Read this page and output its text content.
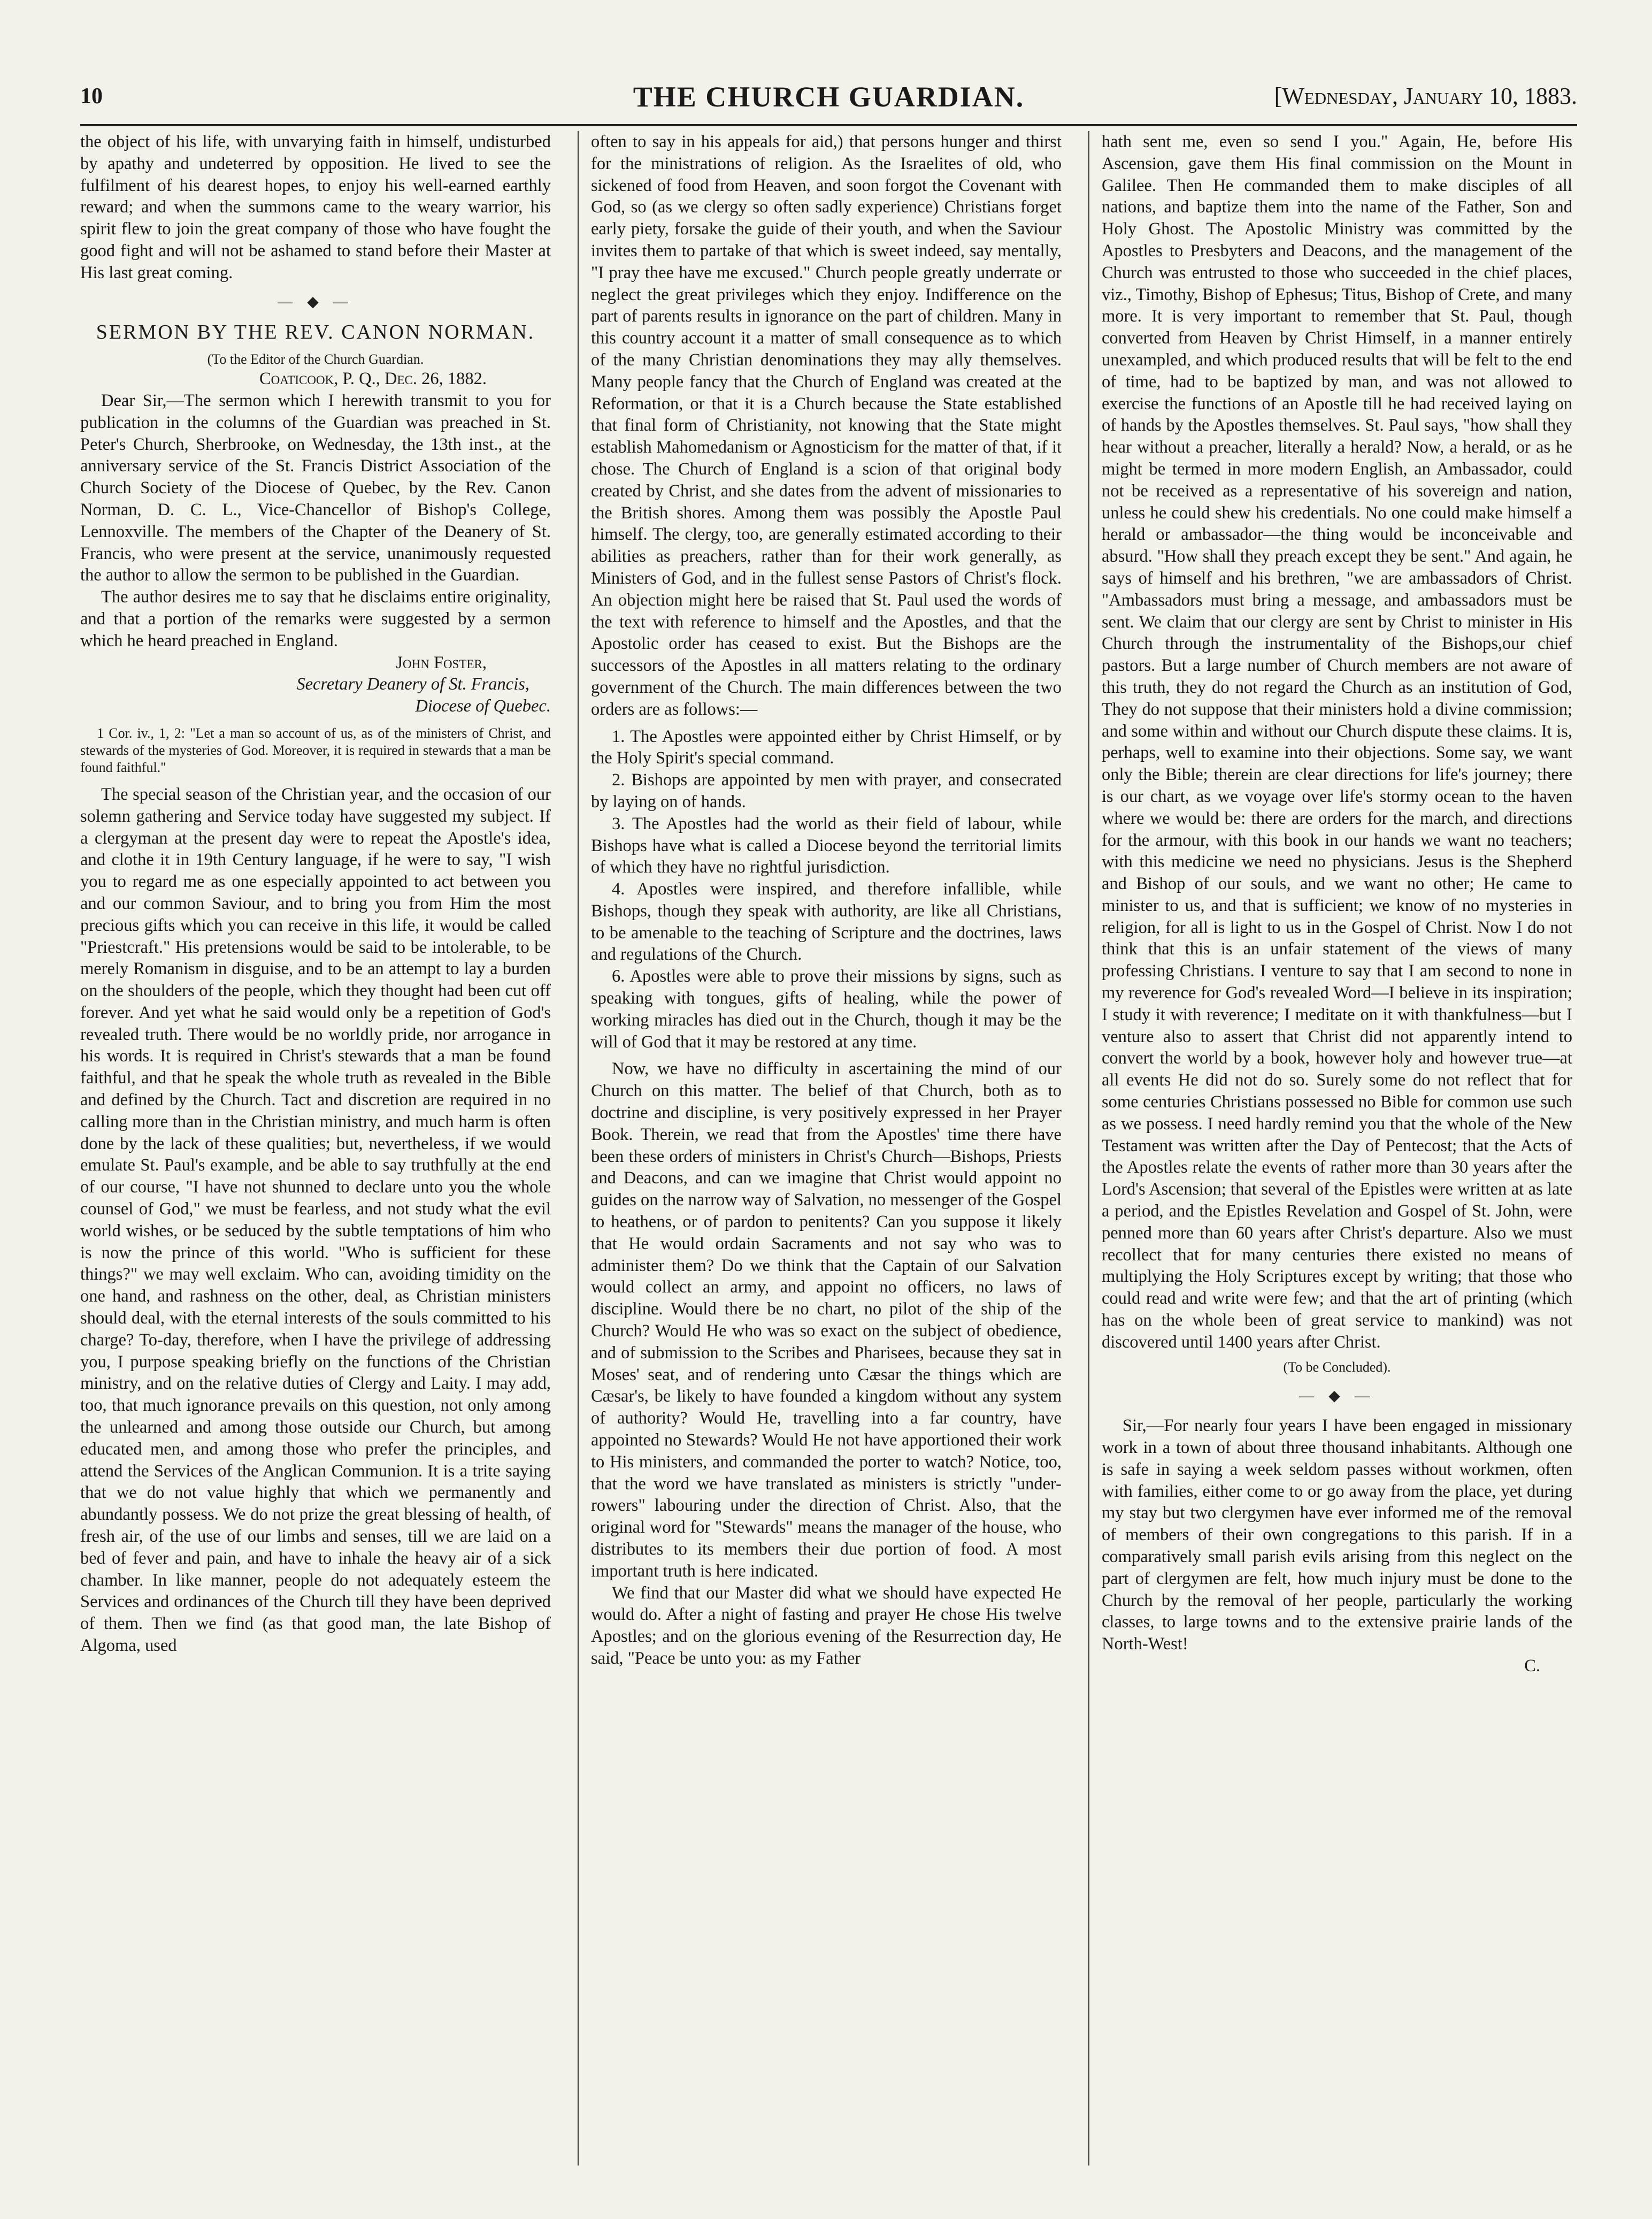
10	THE CHURCH GUARDIAN.	[Wednesday, January 10, 1883.

the object of his life, with unvarying faith in himself, undisturbed by apathy and undeterred by opposition. He lived to see the fulfilment of his dearest hopes, to enjoy his well-earned earthly reward; and when the summons came to the weary warrior, his spirit flew to join the great company of those who have fought the good fight and will not be ashamed to stand before their Master at His last great coming.

— ◆ —
SERMON BY THE REV. CANON NORMAN.

(To the Editor of the Church Guardian.

Coaticook, P. Q., Dec. 26, 1882.

Dear Sir,—The sermon which I herewith transmit to you for publication in the columns of the Guardian was preached in St. Peter's Church, Sherbrooke, on Wednesday, the 13th inst., at the anniversary service of the St. Francis District Association of the Church Society of the Diocese of Quebec, by the Rev. Canon Norman, D. C. L., Vice-Chancellor of Bishop's College, Lennoxville. The members of the Chapter of the Deanery of St. Francis, who were present at the service, unanimously requested the author to allow the sermon to be published in the Guardian.

The author desires me to say that he disclaims entire originality, and that a portion of the remarks were suggested by a sermon which he heard preached in England.

John Foster,

Secretary Deanery of St. Francis,

Diocese of Quebec.

1 Cor. iv., 1, 2: "Let a man so account of us, as of the ministers of Christ, and stewards of the mysteries of God. Moreover, it is required in stewards that a man be found faithful."

The special season of the Christian year, and the occasion of our solemn gathering and Service today have suggested my subject. If a clergyman at the present day were to repeat the Apostle's idea, and clothe it in 19th Century language, if he were to say, "I wish you to regard me as one especially appointed to act between you and our common Saviour, and to bring you from Him the most precious gifts which you can receive in this life, it would be called "Priestcraft." His pretensions would be said to be intolerable, to be merely Romanism in disguise, and to be an attempt to lay a burden on the shoulders of the people, which they thought had been cut off forever. And yet what he said would only be a repetition of God's revealed truth. There would be no worldly pride, nor arrogance in his words. It is required in Christ's stewards that a man be found faithful, and that he speak the whole truth as revealed in the Bible and defined by the Church. Tact and discretion are required in no calling more than in the Christian ministry, and much harm is often done by the lack of these qualities; but, nevertheless, if we would emulate St. Paul's example, and be able to say truthfully at the end of our course, "I have not shunned to declare unto you the whole counsel of God," we must be fearless, and not study what the evil world wishes, or be seduced by the subtle temptations of him who is now the prince of this world. "Who is sufficient for these things?" we may well exclaim. Who can, avoiding timidity on the one hand, and rashness on the other, deal, as Christian ministers should deal, with the eternal interests of the souls committed to his charge? To-day, therefore, when I have the privilege of addressing you, I purpose speaking briefly on the functions of the Christian ministry, and on the relative duties of Clergy and Laity. I may add, too, that much ignorance prevails on this question, not only among the unlearned and among those outside our Church, but among educated men, and among those who prefer the principles, and attend the Services of the Anglican Communion. It is a trite saying that we do not value highly that which we permanently and abundantly possess. We do not prize the great blessing of health, of fresh air, of the use of our limbs and senses, till we are laid on a bed of fever and pain, and have to inhale the heavy air of a sick chamber. In like manner, people do not adequately esteem the Services and ordinances of the Church till they have been deprived of them. Then we find (as that good man, the late Bishop of Algoma, used

often to say in his appeals for aid,) that persons hunger and thirst for the ministrations of religion. As the Israelites of old, who sickened of food from Heaven, and soon forgot the Covenant with God, so (as we clergy so often sadly experience) Christians forget early piety, forsake the guide of their youth, and when the Saviour invites them to partake of that which is sweet indeed, say mentally, "I pray thee have me excused." Church people greatly underrate or neglect the great privileges which they enjoy. Indifference on the part of parents results in ignorance on the part of children. Many in this country account it a matter of small consequence as to which of the many Christian denominations they may ally themselves. Many people fancy that the Church of England was created at the Reformation, or that it is a Church because the State established that final form of Christianity, not knowing that the State might establish Mahomedanism or Agnosticism for the matter of that, if it chose. The Church of England is a scion of that original body created by Christ, and she dates from the advent of missionaries to the British shores. Among them was possibly the Apostle Paul himself. The clergy, too, are generally estimated according to their abilities as preachers, rather than for their work generally, as Ministers of God, and in the fullest sense Pastors of Christ's flock. An objection might here be raised that St. Paul used the words of the text with reference to himself and the Apostles, and that the Apostolic order has ceased to exist. But the Bishops are the successors of the Apostles in all matters relating to the ordinary government of the Church. The main differences between the two orders are as follows:—

1. The Apostles were appointed either by Christ Himself, or by the Holy Spirit's special command.
2. Bishops are appointed by men with prayer, and consecrated by laying on of hands.
3. The Apostles had the world as their field of labour, while Bishops have what is called a Diocese beyond the territorial limits of which they have no rightful jurisdiction.
4. Apostles were inspired, and therefore infallible, while Bishops, though they speak with authority, are like all Christians, to be amenable to the teaching of Scripture and the doctrines, laws and regulations of the Church.
6. Apostles were able to prove their missions by signs, such as speaking with tongues, gifts of healing, while the power of working miracles has died out in the Church, though it may be the will of God that it may be restored at any time.

Now, we have no difficulty in ascertaining the mind of our Church on this matter. The belief of that Church, both as to doctrine and discipline, is very positively expressed in her Prayer Book. Therein, we read that from the Apostles' time there have been these orders of ministers in Christ's Church—Bishops, Priests and Deacons, and can we imagine that Christ would appoint no guides on the narrow way of Salvation, no messenger of the Gospel to heathens, or of pardon to penitents? Can you suppose it likely that He would ordain Sacraments and not say who was to administer them? Do we think that the Captain of our Salvation would collect an army, and appoint no officers, no laws of discipline. Would there be no chart, no pilot of the ship of the Church? Would He who was so exact on the subject of obedience, and of submission to the Scribes and Pharisees, because they sat in Moses' seat, and of rendering unto Cæsar the things which are Cæsar's, be likely to have founded a kingdom without any system of authority? Would He, travelling into a far country, have appointed no Stewards? Would He not have apportioned their work to His ministers, and commanded the porter to watch? Notice, too, that the word we have translated as ministers is strictly "under-rowers" labouring under the direction of Christ. Also, that the original word for "Stewards" means the manager of the house, who distributes to its members their due portion of food. A most important truth is here indicated.

We find that our Master did what we should have expected He would do. After a night of fasting and prayer He chose His twelve Apostles; and on the glorious evening of the Resurrection day, He said, "Peace be unto you: as my Father

hath sent me, even so send I you." Again, He, before His Ascension, gave them His final commission on the Mount in Galilee. Then He commanded them to make disciples of all nations, and baptize them into the name of the Father, Son and Holy Ghost. The Apostolic Ministry was committed by the Apostles to Presbyters and Deacons, and the management of the Church was entrusted to those who succeeded in the chief places, viz., Timothy, Bishop of Ephesus; Titus, Bishop of Crete, and many more. It is very important to remember that St. Paul, though converted from Heaven by Christ Himself, in a manner entirely unexampled, and which produced results that will be felt to the end of time, had to be baptized by man, and was not allowed to exercise the functions of an Apostle till he had received laying on of hands by the Apostles themselves. St. Paul says, "how shall they hear without a preacher, literally a herald? Now, a herald, or as he might be termed in more modern English, an Ambassador, could not be received as a representative of his sovereign and nation, unless he could shew his credentials. No one could make himself a herald or ambassador—the thing would be inconceivable and absurd. "How shall they preach except they be sent." And again, he says of himself and his brethren, "we are ambassadors of Christ. "Ambassadors must bring a message, and ambassadors must be sent. We claim that our clergy are sent by Christ to minister in His Church through the instrumentality of the Bishops,our chief pastors. But a large number of Church members are not aware of this truth, they do not regard the Church as an institution of God, They do not suppose that their ministers hold a divine commission; and some within and without our Church dispute these claims. It is, perhaps, well to examine into their objections. Some say, we want only the Bible; therein are clear directions for life's journey; there is our chart, as we voyage over life's stormy ocean to the haven where we would be: there are orders for the march, and directions for the armour, with this book in our hands we want no teachers; with this medicine we need no physicians. Jesus is the Shepherd and Bishop of our souls, and we want no other; He came to minister to us, and that is sufficient; we know of no mysteries in religion, for all is light to us in the Gospel of Christ. Now I do not think that this is an unfair statement of the views of many professing Christians. I venture to say that I am second to none in my reverence for God's revealed Word—I believe in its inspiration; I study it with reverence; I meditate on it with thankfulness—but I venture also to assert that Christ did not apparently intend to convert the world by a book, however holy and however true—at all events He did not do so. Surely some do not reflect that for some centuries Christians possessed no Bible for common use such as we possess. I need hardly remind you that the whole of the New Testament was written after the Day of Pentecost; that the Acts of the Apostles relate the events of rather more than 30 years after the Lord's Ascension; that several of the Epistles were written at as late a period, and the Epistles Revelation and Gospel of St. John, were penned more than 60 years after Christ's departure. Also we must recollect that for many centuries there existed no means of multiplying the Holy Scriptures except by writing; that those who could read and write were few; and that the art of printing (which has on the whole been of great service to mankind) was not discovered until 1400 years after Christ.

(To be Concluded).

— ◆ —

Sir,—For nearly four years I have been engaged in missionary work in a town of about three thousand inhabitants. Although one is safe in saying a week seldom passes without workmen, often with families, either come to or go away from the place, yet during my stay but two clergymen have ever informed me of the removal of members of their own congregations to this parish. If in a comparatively small parish evils arising from this neglect on the part of clergymen are felt, how much injury must be done to the Church by the removal of her people, particularly the working classes, to large towns and to the extensive prairie lands of the North-West!

C.
